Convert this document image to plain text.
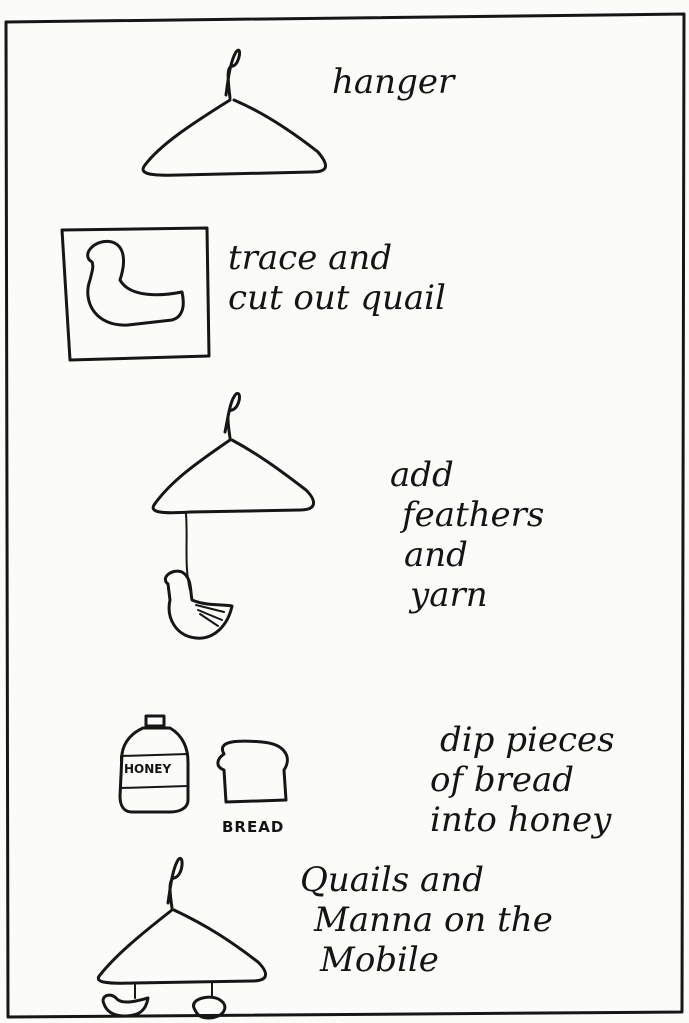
hanger
trace and
cut out quail
add
feathers
and
yarn
dip pieces
of bread
into honey
Quails and
Manna on the
Mobile
HONEY
BREAD
